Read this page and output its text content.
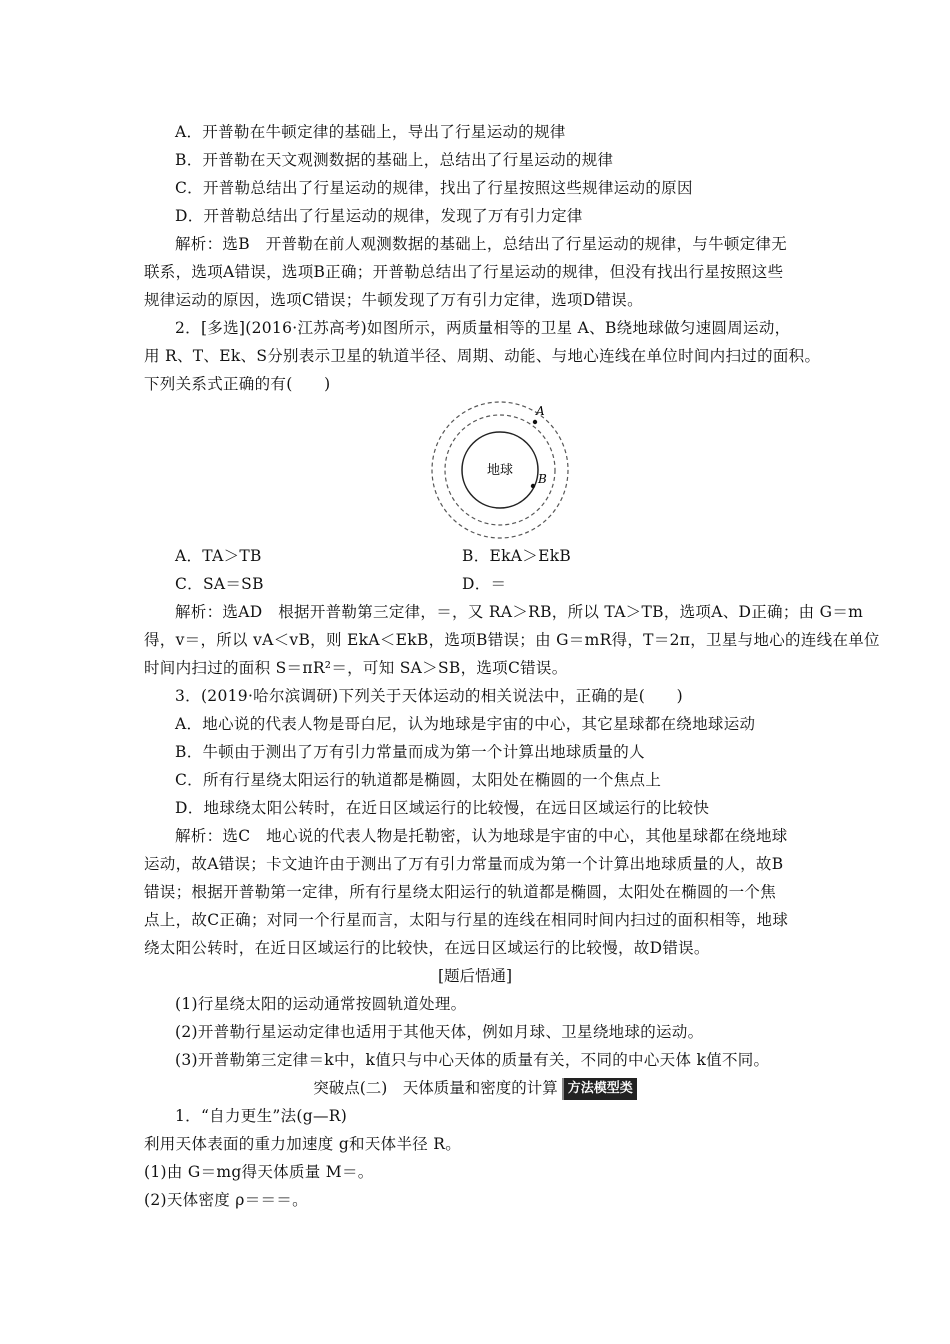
A．开普勒在牛顿定律的基础上，导出了行星运动的规律
B．开普勒在天文观测数据的基础上，总结出了行星运动的规律
C．开普勒总结出了行星运动的规律，找出了行星按照这些规律运动的原因
D．开普勒总结出了行星运动的规律，发现了万有引力定律
解析：选B　开普勒在前人观测数据的基础上，总结出了行星运动的规律，与牛顿定律无
联系，选项A错误，选项B正确；开普勒总结出了行星运动的规律，但没有找出行星按照这些
规律运动的原因，选项C错误；牛顿发现了万有引力定律，选项D错误。
2．[多选](2016·江苏高考)如图所示，两质量相等的卫星 A、B绕地球做匀速圆周运动，
用 R、T、Ek、S分别表示卫星的轨道半径、周期、动能、与地心连线在单位时间内扫过的面积。
下列关系式正确的有(　　)
地球
A
B
A．TA＞TB	B．EkA＞EkB
C．SA＝SB	D．＝
解析：选AD　根据开普勒第三定律，＝，又 RA＞RB，所以 TA＞TB，选项A、D正确；由 G＝m
得，v＝，所以 vA＜vB，则 EkA＜EkB，选项B错误；由 G＝mR得，T＝2π，卫星与地心的连线在单位
时间内扫过的面积 S＝πR²＝，可知 SA＞SB，选项C错误。
3．(2019·哈尔滨调研)下列关于天体运动的相关说法中，正确的是(　　)
A．地心说的代表人物是哥白尼，认为地球是宇宙的中心，其它星球都在绕地球运动
B．牛顿由于测出了万有引力常量而成为第一个计算出地球质量的人
C．所有行星绕太阳运行的轨道都是椭圆，太阳处在椭圆的一个焦点上
D．地球绕太阳公转时，在近日区域运行的比较慢，在远日区域运行的比较快
解析：选C　地心说的代表人物是托勒密，认为地球是宇宙的中心，其他星球都在绕地球
运动，故A错误；卡文迪许由于测出了万有引力常量而成为第一个计算出地球质量的人，故B
错误；根据开普勒第一定律，所有行星绕太阳运行的轨道都是椭圆，太阳处在椭圆的一个焦
点上，故C正确；对同一个行星而言，太阳与行星的连线在相同时间内扫过的面积相等，地球
绕太阳公转时，在近日区域运行的比较快，在远日区域运行的比较慢，故D错误。
[题后悟通]
(1)行星绕太阳的运动通常按圆轨道处理。
(2)开普勒行星运动定律也适用于其他天体，例如月球、卫星绕地球的运动。
(3)开普勒第三定律＝k中，k值只与中心天体的质量有关，不同的中心天体 k值不同。
突破点(二)　天体质量和密度的计算 方法模型类
1．“自力更生”法(g—R)
利用天体表面的重力加速度 g和天体半径 R。
(1)由 G＝mg得天体质量 M＝。
(2)天体密度 ρ＝＝＝。
